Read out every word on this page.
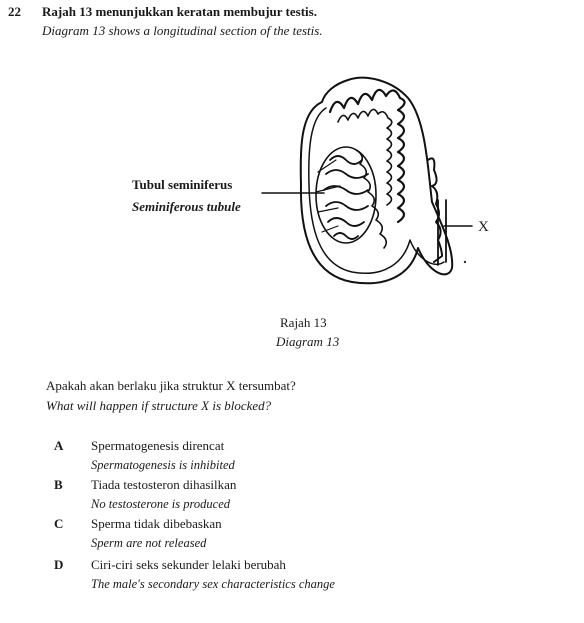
22 Rajah 13 menunjukkan keratan membujur testis.
Diagram 13 shows a longitudinal section of the testis.
Tubul seminiferus
Seminiferous tubule
X
Rajah 13
Diagram 13
Apakah akan berlaku jika struktur X tersumbat?
What will happen if structure X is blocked?
A Spermatogenesis direncat
Spermatogenesis is inhibited
B Tiada testosteron dihasilkan
No testosterone is produced
C Sperma tidak dibebaskan
Sperm are not released
D Ciri-ciri seks sekunder lelaki berubah
The male's secondary sex characteristics change
